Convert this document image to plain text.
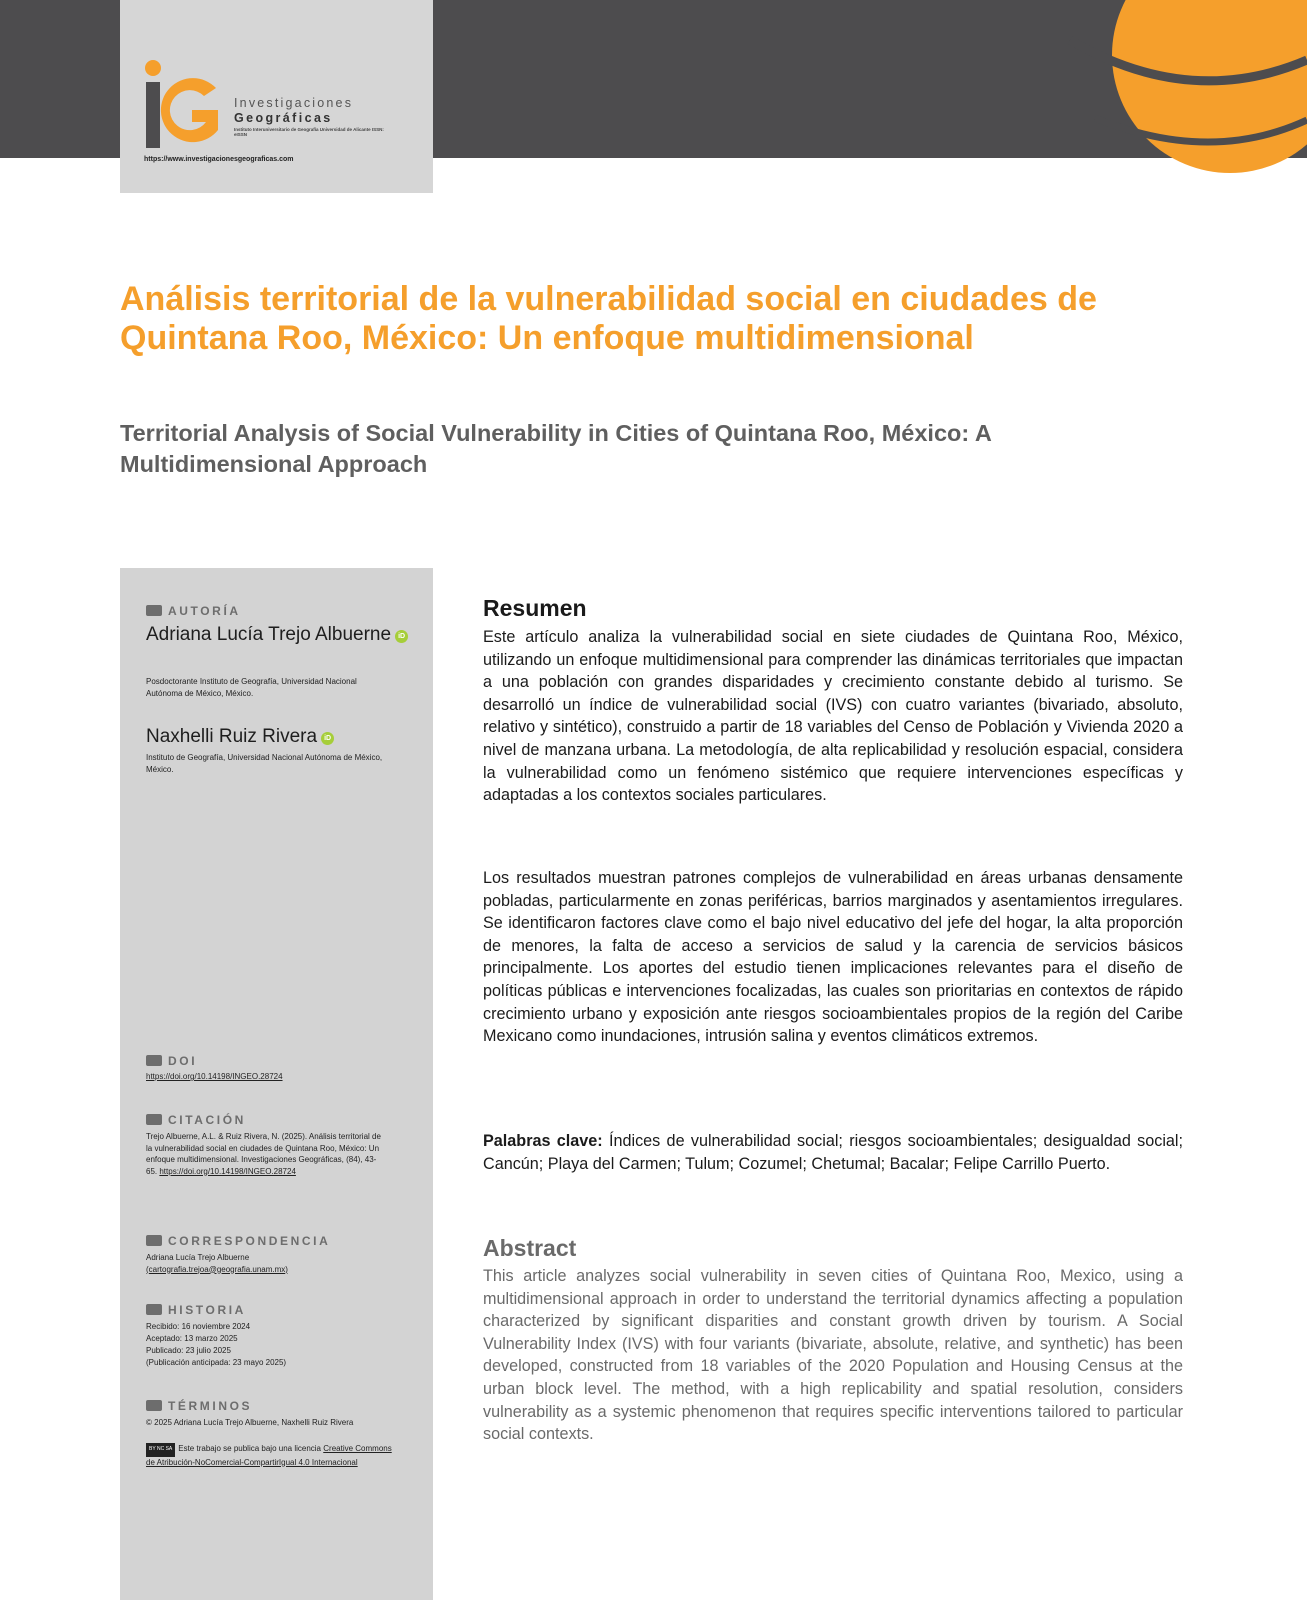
Investigaciones
Geográficas
Instituto Interuniversitario de Geografía Universidad de Alicante ISSN: eISSN
https://www.investigacionesgeograficas.com
Análisis territorial de la vulnerabilidad social en ciudades de Quintana Roo, México: Un enfoque multidimensional
Territorial Analysis of Social Vulnerability in Cities of Quintana Roo, México: A Multidimensional Approach
AUTORÍA
Adriana Lucía Trejo Albuerne iD
Posdoctorante Instituto de Geografía, Universidad Nacional Autónoma de México, México.
Naxhelli Ruiz Rivera iD
Instituto de Geografía, Universidad Nacional Autónoma de México, México.
DOI
https://doi.org/10.14198/INGEO.28724
CITACIÓN
Trejo Albuerne, A.L. & Ruiz Rivera, N. (2025). Análisis territorial de la vulnerabilidad social en ciudades de Quintana Roo, México: Un enfoque multidimensional. Investigaciones Geográficas, (84), 43-65. https://doi.org/10.14198/INGEO.28724
CORRESPONDENCIA
Adriana Lucía Trejo Albuerne (cartografia.trejoa@geografia.unam.mx)
HISTORIA
Recibido: 16 noviembre 2024
Aceptado: 13 marzo 2025
Publicado: 23 julio 2025
(Publicación anticipada: 23 mayo 2025)
TÉRMINOS
© 2025 Adriana Lucía Trejo Albuerne, Naxhelli Ruiz Rivera
BY NC SA Este trabajo se publica bajo una licencia Creative Commons de Atribución-NoComercial-CompartirIgual 4.0 Internacional
Resumen
Este artículo analiza la vulnerabilidad social en siete ciudades de Quintana Roo, México, utilizando un enfoque multidimensional para comprender las dinámicas territoriales que impactan a una población con grandes disparidades y crecimiento constante debido al turismo. Se desarrolló un índice de vulnerabilidad social (IVS) con cuatro variantes (bivariado, absoluto, relativo y sintético), construido a partir de 18 variables del Censo de Población y Vivienda 2020 a nivel de manzana urbana. La metodología, de alta replicabilidad y resolución espacial, considera la vulnerabilidad como un fenómeno sistémico que requiere intervenciones específicas y adaptadas a los contextos sociales particulares.
Los resultados muestran patrones complejos de vulnerabilidad en áreas urbanas densamente pobladas, particularmente en zonas periféricas, barrios marginados y asentamientos irregulares. Se identificaron factores clave como el bajo nivel educativo del jefe del hogar, la alta proporción de menores, la falta de acceso a servicios de salud y la carencia de servicios básicos principalmente. Los aportes del estudio tienen implicaciones relevantes para el diseño de políticas públicas e intervenciones focalizadas, las cuales son prioritarias en contextos de rápido crecimiento urbano y exposición ante riesgos socioambientales propios de la región del Caribe Mexicano como inundaciones, intrusión salina y eventos climáticos extremos.
Palabras clave: Índices de vulnerabilidad social; riesgos socioambientales; desigualdad social; Cancún; Playa del Carmen; Tulum; Cozumel; Chetumal; Bacalar; Felipe Carrillo Puerto.
Abstract
This article analyzes social vulnerability in seven cities of Quintana Roo, Mexico, using a multidimensional approach in order to understand the territorial dynamics affecting a population characterized by significant disparities and constant growth driven by tourism. A Social Vulnerability Index (IVS) with four variants (bivariate, absolute, relative, and synthetic) has been developed, constructed from 18 variables of the 2020 Population and Housing Census at the urban block level. The method, with a high replicability and spatial resolution, considers vulnerability as a systemic phenomenon that requires specific interventions tailored to particular social contexts.
